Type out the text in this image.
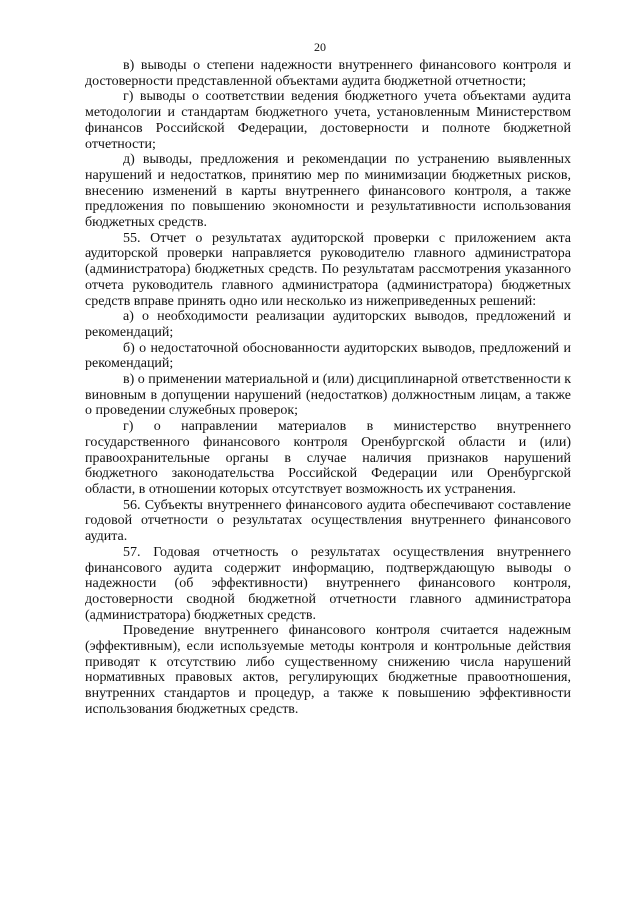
20

в) выводы о степени надежности внутреннего финансового контроля и достоверности представленной объектами аудита бюджетной отчетности;

г) выводы о соответствии ведения бюджетного учета объектами аудита методологии и стандартам бюджетного учета, установленным Министерством финансов Российской Федерации, достоверности и полноте бюджетной отчетности;

д) выводы, предложения и рекомендации по устранению выявленных нарушений и недостатков, принятию мер по минимизации бюджетных рисков, внесению изменений в карты внутреннего финансового контроля, а также предложения по повышению экономности и результативности использования бюджетных средств.

55. Отчет о результатах аудиторской проверки с приложением акта аудиторской проверки направляется руководителю главного администратора (администратора) бюджетных средств. По результатам рассмотрения указанного отчета руководитель главного администратора (администратора) бюджетных средств вправе принять одно или несколько из нижеприведенных решений:

а) о необходимости реализации аудиторских выводов, предложений и рекомендаций;

б) о недостаточной обоснованности аудиторских выводов, предложений и рекомендаций;

в) о применении материальной и (или) дисциплинарной ответственности к виновным в допущении нарушений (недостатков) должностным лицам, а также о проведении служебных проверок;

г) о направлении материалов в министерство внутреннего государственного финансового контроля Оренбургской области и (или) правоохранительные органы в случае наличия признаков нарушений бюджетного законодательства Российской Федерации или Оренбургской области, в отношении которых отсутствует возможность их устранения.

56. Субъекты внутреннего финансового аудита обеспечивают составление годовой отчетности о результатах осуществления внутреннего финансового аудита.

57. Годовая отчетность о результатах осуществления внутреннего финансового аудита содержит информацию, подтверждающую выводы о надежности (об эффективности) внутреннего финансового контроля, достоверности сводной бюджетной отчетности главного администратора (администратора) бюджетных средств.

Проведение внутреннего финансового контроля считается надежным (эффективным), если используемые методы контроля и контрольные действия приводят к отсутствию либо существенному снижению числа нарушений нормативных правовых актов, регулирующих бюджетные правоотношения, внутренних стандартов и процедур, а также к повышению эффективности использования бюджетных средств.
